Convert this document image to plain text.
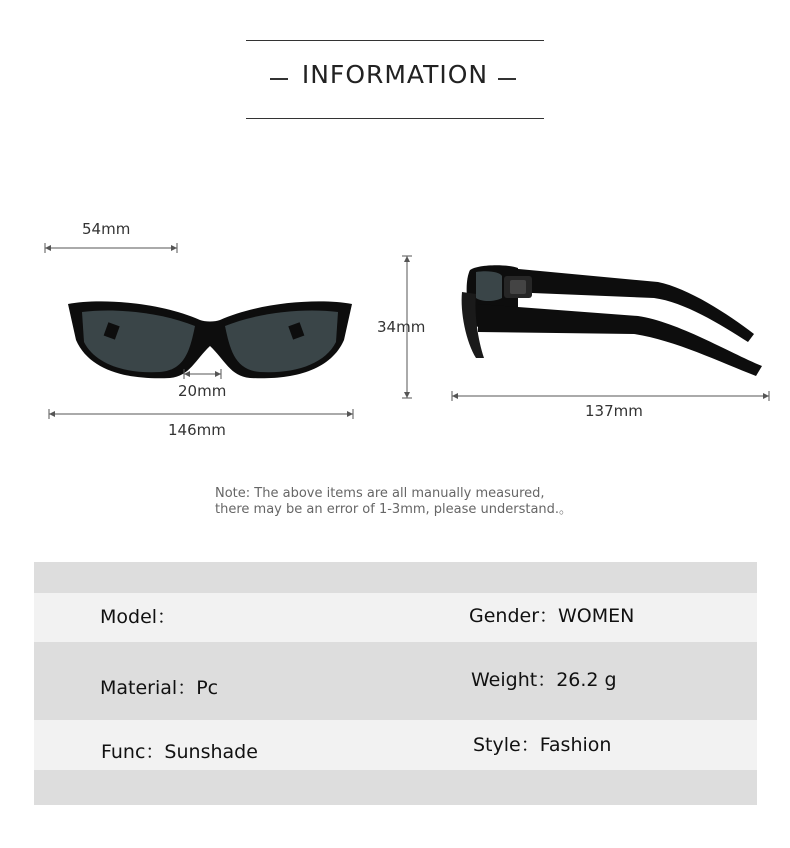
INFORMATION
54mm
20mm
146mm
34mm
137mm
Note: The above items are all manually measured,
there may be an error of 1-3mm, please understand.。
Model：	Gender：WOMEN
Material：Pc	Weight：26.2 g
Func：Sunshade	Style：Fashion
